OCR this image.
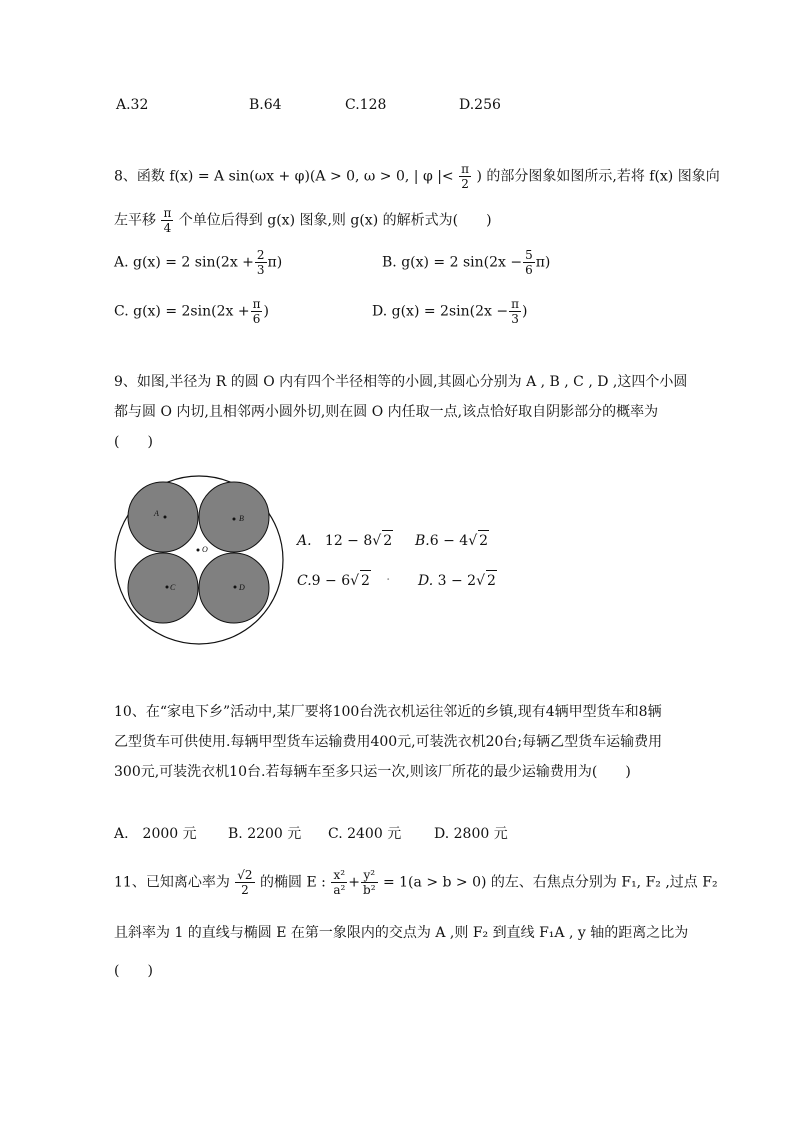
A.32	B.64	C.128	D.256
8、函数 f(x) = A sin(ωx + φ)(A > 0, ω > 0, | φ |< $\frac{\pi}{2}$ ) 的部分图象如图所示,若将 f(x) 图象向
左平移 $\frac{\pi}{4}$ 个单位后得到 g(x) 图象,则 g(x) 的解析式为(　　)
A. g(x) = 2 $\sin(2x + \frac{2}{3} \pi)$	B. g(x) = 2 $\sin(2x - \frac{5}{6} \pi)$
C. $g(x) = 2\sin(2x + \frac{\pi}{6}$ )	D. $g(x) = 2\sin(2x - \frac{\pi}{3}$ )
9、如图,半径为 R 的圆 O 内有四个半径相等的小圆,其圆心分别为 A , B , C , D ,这四个小圆
都与圆 O 内切,且相邻两小圆外切,则在圆 O 内任取一点,该点恰好取自阴影部分的概率为
(　　)
A
B
C	D
O
A. 12 − 8√ 2 B.6 − 4√ 2
C.9 − 6√ 2 · D. 3 − 2√ 2
10、在“家电下乡”活动中,某厂要将100台洗衣机运往邻近的乡镇,现有4辆甲型货车和8辆
乙型货车可供使用.每辆甲型货车运输费用400元,可装洗衣机20台;每辆乙型货车运输费用
300元,可装洗衣机10台.若每辆车至多只运一次,则该厂所花的最少运输费用为(　　)
A.　2000 元 B. 2200 元 C. 2400 元 D. 2800 元
11、已知离心率为 $\frac{√2}{2}$ 的椭圆 E : $\frac{\text{x²}}{\text{a²}} + \frac{\text{y²}}{\text{b²}} = 1(a > b > 0)$ 的左、右焦点分别为 F₁, F₂ ,过点 F₂
且斜率为 1 的直线与椭圆 E 在第一象限内的交点为 A ,则 F₂ 到直线 F₁A , y 轴的距离之比为
(　　)
